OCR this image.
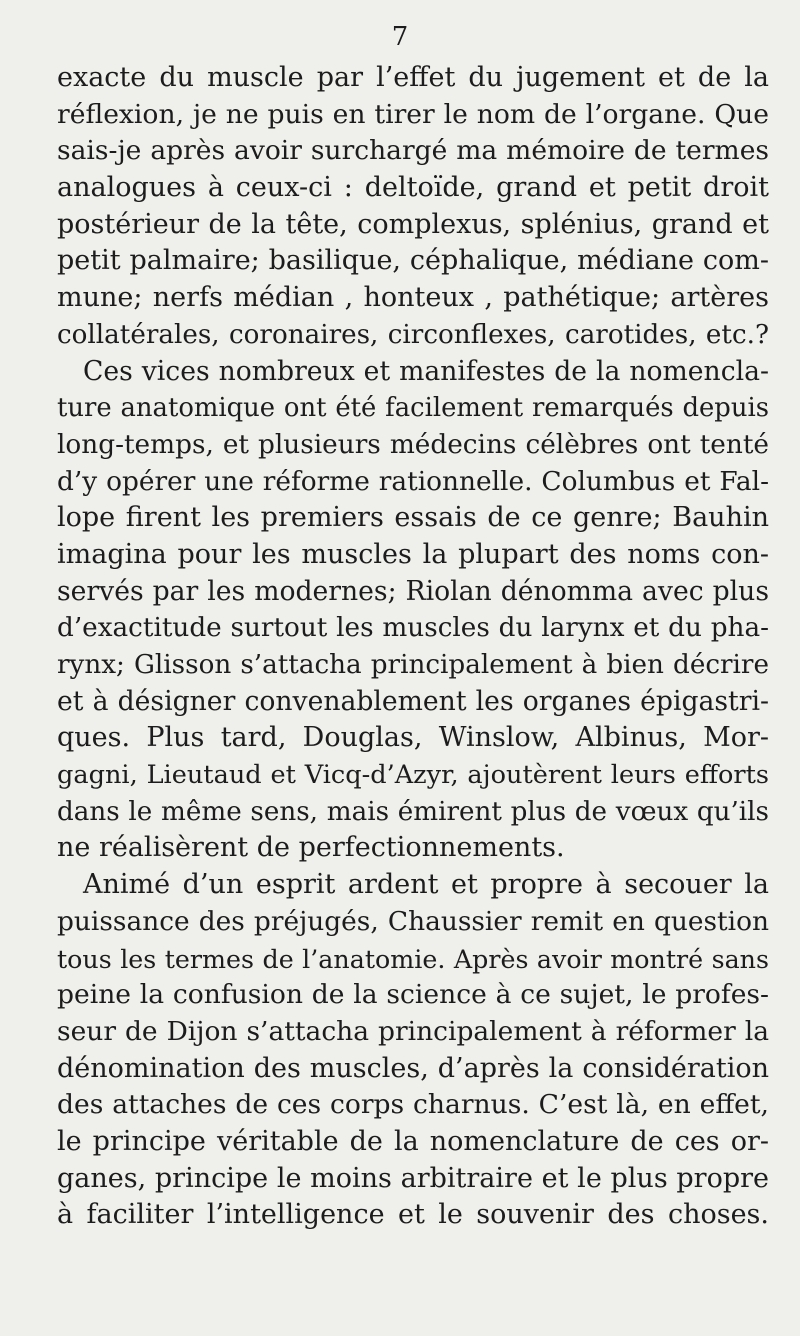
7
exacte du muscle par l’effet du jugement et de la
réflexion, je ne puis en tirer le nom de l’organe. Que
sais-je après avoir surchargé ma mémoire de termes
analogues à ceux-ci : deltoïde, grand et petit droit
postérieur de la tête, complexus, splénius, grand et
petit palmaire; basilique, céphalique, médiane com-
mune; nerfs médian , honteux , pathétique; artères
collatérales, coronaires, circonflexes, carotides, etc.?
Ces vices nombreux et manifestes de la nomencla-
ture anatomique ont été facilement remarqués depuis
long-temps, et plusieurs médecins célèbres ont tenté
d’y opérer une réforme rationnelle. Columbus et Fal-
lope firent les premiers essais de ce genre; Bauhin
imagina pour les muscles la plupart des noms con-
servés par les modernes; Riolan dénomma avec plus
d’exactitude surtout les muscles du larynx et du pha-
rynx; Glisson s’attacha principalement à bien décrire
et à désigner convenablement les organes épigastri-
ques. Plus tard, Douglas, Winslow, Albinus, Mor-
gagni, Lieutaud et Vicq-d’Azyr, ajoutèrent leurs efforts
dans le même sens, mais émirent plus de vœux qu’ils
ne réalisèrent de perfectionnements.
Animé d’un esprit ardent et propre à secouer la
puissance des préjugés, Chaussier remit en question
tous les termes de l’anatomie. Après avoir montré sans
peine la confusion de la science à ce sujet, le profes-
seur de Dijon s’attacha principalement à réformer la
dénomination des muscles, d’après la considération
des attaches de ces corps charnus. C’est là, en effet,
le principe véritable de la nomenclature de ces or-
ganes, principe le moins arbitraire et le plus propre
à faciliter l’intelligence et le souvenir des choses.
